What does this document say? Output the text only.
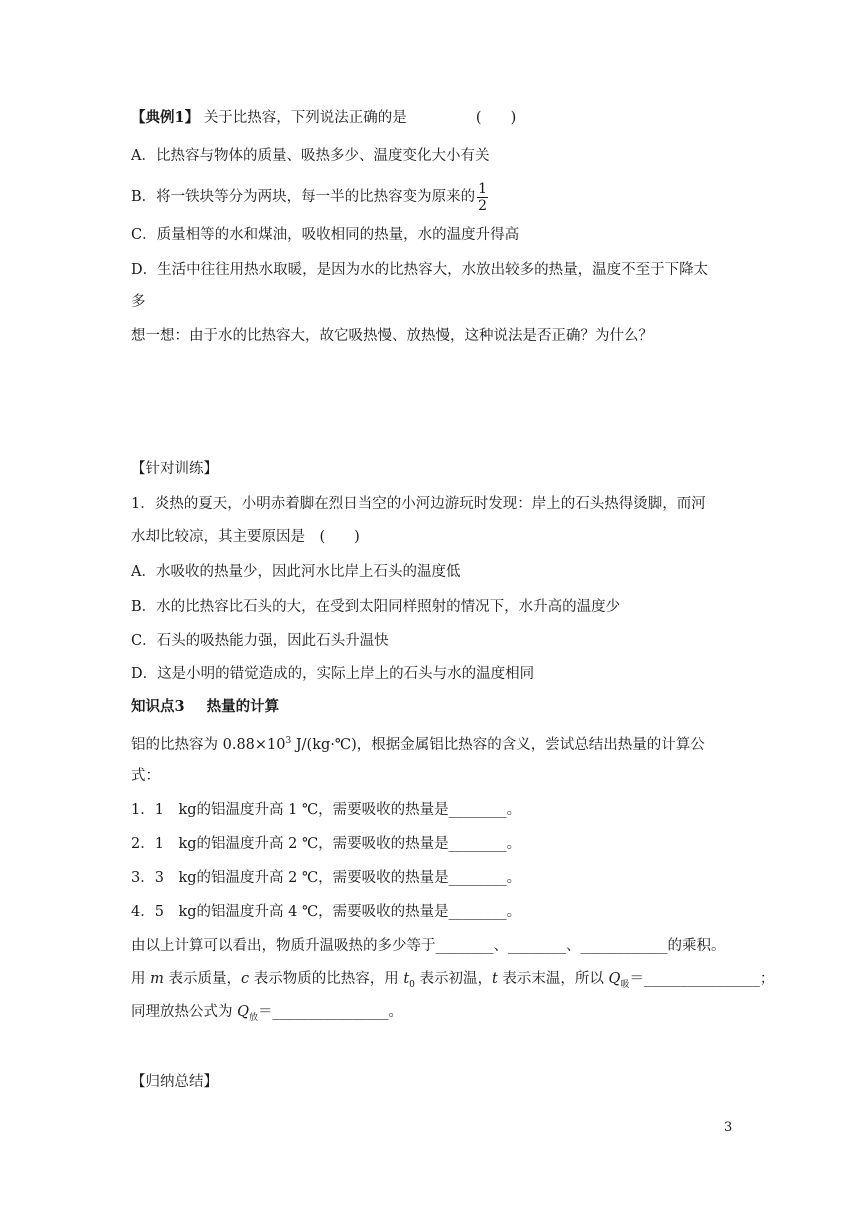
【典例1】 关于比热容，下列说法正确的是	(　　)
A．比热容与物体的质量、吸热多少、温度变化大小有关
B．将一铁块等分为两块，每一半的比热容变为原来的 $\frac{1}{2}$
C．质量相等的水和煤油，吸收相同的热量，水的温度升得高
D．生活中往往用热水取暖，是因为水的比热容大，水放出较多的热量，温度不至于下降太
多
想一想：由于水的比热容大，故它吸热慢、放热慢，这种说法是否正确？为什么？
【针对训练】
1．炎热的夏天，小明赤着脚在烈日当空的小河边游玩时发现：岸上的石头热得烫脚，而河
水却比较凉，其主要原因是　(　　)
A．水吸收的热量少，因此河水比岸上石头的温度低
B．水的比热容比石头的大，在受到太阳同样照射的情况下，水升高的温度少
C．石头的吸热能力强，因此石头升温快
D．这是小明的错觉造成的，实际上岸上的石头与水的温度相同
知识点3 热量的计算
铝的比热容为 $0.88\times 10^3$ J/(kg·℃)，根据金属铝比热容的含义，尝试总结出热量的计算公
式：
1．1　kg的铝温度升高 1 ℃，需要吸收的热量是________。
2．1　kg的铝温度升高 2 ℃，需要吸收的热量是________。
3．3　kg的铝温度升高 2 ℃，需要吸收的热量是________。
4．5　kg的铝温度升高 4 ℃，需要吸收的热量是________。
由以上计算可以看出，物质升温吸热的多少等于________、________、____________的乘积。
用 m 表示质量，c 表示物质的比热容，用 $t_0$ 表示初温，t 表示末温，所以 $Q_吸=\_\_\_\_\_\_\_\_\_\_\_\_\_\_\_\_$；
同理放热公式为 $Q_放=\_\_\_\_\_\_\_\_\_\_\_\_\_\_\_\_$。
【归纳总结】
3
